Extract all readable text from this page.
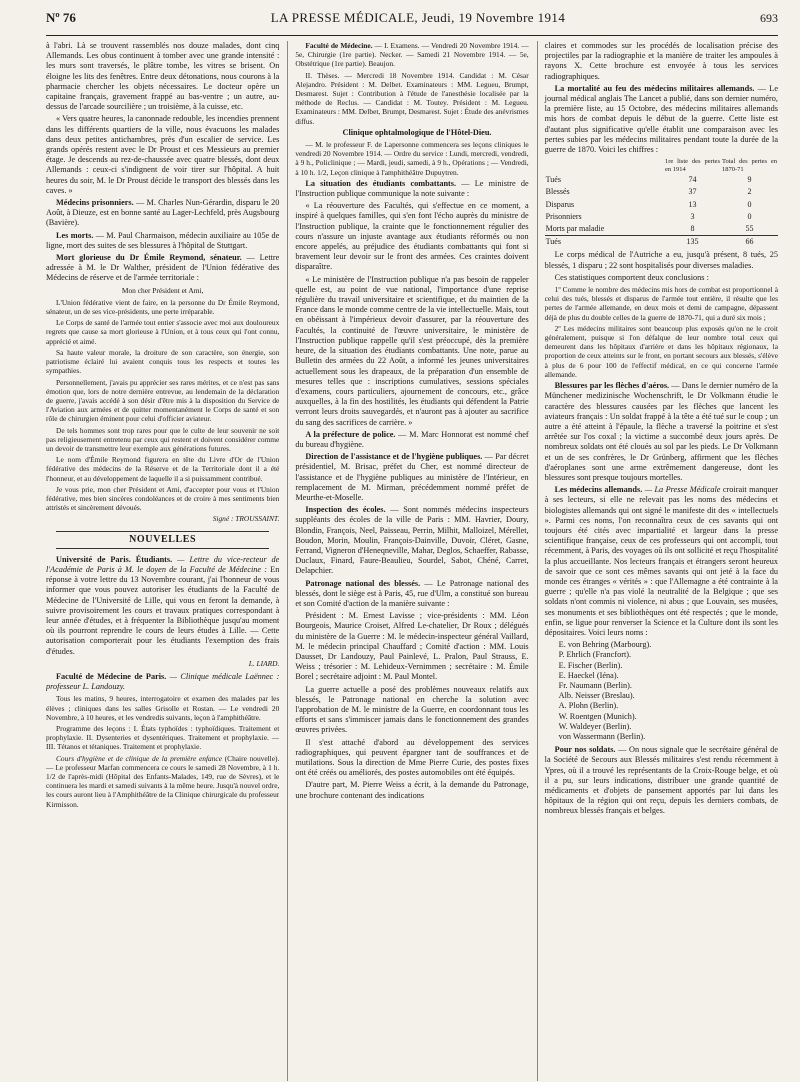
Nº 76	LA PRESSE MÉDICALE, Jeudi, 19 Novembre 1914	693

à l'abri. Là se trouvent rassemblés nos douze malades, dont cinq Allemands. Les obus continuent à tomber avec une grande intensité : les murs sont traversés, le plâtre tombe, les vitres se brisent. On éloigne les lits des fenêtres. Entre deux détonations, nous courons à la pharmacie chercher les objets nécessaires. Le docteur opère un capitaine français, gravement frappé au bas-ventre ; un autre, au-dessus de l'arcade sourcilière ; un troisième, à la cuisse, etc.

« Vers quatre heures, la canonnade redouble, les incendies prennent dans les différents quartiers de la ville, nous évacuons les malades dans deux petites antichambres, près d'un escalier de service. Les grands opérés restent avec le Dr Proust et ces Messieurs au premier étage. Je descends au rez-de-chaussée avec quatre blessés, dont deux Allemands : ceux-ci s'indignent de voir tirer sur l'hôpital. A huit heures du soir, M. le Dr Proust décide le transport des blessés dans les caves. »

Médecins prisonniers. — M. Charles Nun-Gérardin, disparu le 20 Août, à Dieuze, est en bonne santé au Lager-Lechfeld, près Augsbourg (Bavière).

Les morts. — M. Paul Charmaison, médecin auxiliaire au 105e de ligne, mort des suites de ses blessures à l'hôpital de Stuttgart.

Mort glorieuse du Dr Émile Reymond, sénateur. — Lettre adressée à M. le Dr Walther, président de l'Union fédérative des Médecins de réserve et de l'armée territoriale :

Mon cher Président et Ami,

L'Union fédérative vient de faire, en la personne du Dr Émile Reymond, sénateur, un de ses vice-présidents, une perte irréparable.

Le Corps de santé de l'armée tout entier s'associe avec moi aux douloureux regrets que cause sa mort glorieuse à l'Union, et à tous ceux qui l'ont connu, apprécié et aimé.

Sa haute valeur morale, la droiture de son caractère, son énergie, son patriotisme éclairé lui avaient conquis tous les respects et toutes les sympathies.

Personnellement, j'avais pu apprécier ses rares mérites, et ce n'est pas sans émotion que, lors de notre dernière entrevue, au lendemain de la déclaration de guerre, j'avais accédé à son désir d'être mis à la disposition du Service de l'Aviation aux armées et de quitter momentanément le Corps de santé et son rôle de chirurgien éminent pour celui d'officier aviateur.

De tels hommes sont trop rares pour que le culte de leur souvenir ne soit pas religieusement entretenu par ceux qui restent et doivent considérer comme un devoir de transmettre leur exemple aux générations futures.

Le nom d'Émile Reymond figurera en tête du Livre d'Or de l'Union fédérative des médecins de la Réserve et de la Territoriale dont il a été l'honneur, et au développement de laquelle il a si puissamment contribué.

Je vous prie, mon cher Président et Ami, d'accepter pour vous et l'Union fédérative, mes bien sincères condoléances et de croire à mes sentiments bien attristés et sincèrement dévoués.

Signé : TROUSSAINT.
NOUVELLES

Université de Paris. Étudiants. — Lettre du vice-recteur de l'Académie de Paris à M. le doyen de la Faculté de Médecine : En réponse à votre lettre du 13 Novembre courant, j'ai l'honneur de vous informer que vous pouvez autoriser les étudiants de la Faculté de Médecine de l'Université de Lille, qui vous en feront la demande, à suivre provisoirement les cours et travaux pratiques correspondant à leur année d'études, et à fréquenter la Bibliothèque jusqu'au moment où ils pourront reprendre le cours de leurs études à Lille. — Cette autorisation comporterait pour les étudiants l'exemption des frais d'études.

L. LIARD.

Faculté de Médecine de Paris. — Clinique médicale Laënnec : professeur L. Landouzy.

Tous les matins, 9 heures, interrogatoire et examen des malades par les élèves ; cliniques dans les salles Grisolle et Rostan. — Le vendredi 20 Novembre, à 10 heures, et les vendredis suivants, leçon à l'amphithéâtre.

Programme des leçons : I. États typhoïdes : typhoïdiques. Traitement et prophylaxie. II. Dysenteries et dysentériques. Traitement et prophylaxie. — III. Tétanos et tétaniques. Traitement et prophylaxie.

Cours d'hygiène et de clinique de la première enfance (Chaire nouvelle). — Le professeur Marfan commencera ce cours le samedi 28 Novembre, à 1 h. 1/2 de l'après-midi (Hôpital des Enfants-Malades, 149, rue de Sèvres), et le continuera les mardi et samedi suivants à la même heure. Jusqu'à nouvel ordre, les cours auront lieu à l'Amphithéâtre de la Clinique chirurgicale du professeur Kirmisson.

Faculté de Médecine. — I. Examens. — Vendredi 20 Novembre 1914. — 5e, Chirurgie (1re partie). Necker. — Samedi 21 Novembre 1914. — 5e, Obstétrique (1re partie). Beaujon.

II. Thèses. — Mercredi 18 Novembre 1914. Candidat : M. César Alejandro. Président : M. Delbet. Examinateurs : MM. Legueu, Brumpt, Desmarest. Sujet : Contribution à l'étude de l'anesthésie localisée par la méthode de Reclus. — Candidat : M. Toutey. Président : M. Legueu. Examinateurs : MM. Delbet, Brumpt, Desmarest. Sujet : Étude des anévrismes diffus.

Clinique ophtalmologique de l'Hôtel-Dieu.

— M. le professeur F. de Lapersonne commencera ses leçons cliniques le vendredi 20 Novembre 1914. — Ordre du service : Lundi, mercredi, vendredi, à 9 h., Policlinique ; — Mardi, jeudi, samedi, à 9 h., Opérations ; — Vendredi, à 10 h. 1/2, Leçon clinique à l'amphithéâtre Dupuytren.

La situation des étudiants combattants. — Le ministre de l'Instruction publique communique la note suivante :

« La réouverture des Facultés, qui s'effectue en ce moment, a inspiré à quelques familles, qui s'en font l'écho auprès du ministre de l'Instruction publique, la crainte que le fonctionnement régulier des cours n'assure un injuste avantage aux étudiants réformés ou non encore appelés, au préjudice des étudiants combattants qui font si bravement leur devoir sur le front des armées. Ces craintes doivent disparaître.

« Le ministère de l'Instruction publique n'a pas besoin de rappeler quelle est, au point de vue national, l'importance d'une reprise régulière du travail universitaire et scientifique, et du maintien de la France dans le monde comme centre de la vie intellectuelle. Mais, tout en obéissant à l'impérieux devoir d'assurer, par la réouverture des Facultés, la continuité de l'œuvre universitaire, le ministère de l'Instruction publique rappelle qu'il s'est préoccupé, dès la première heure, de la situation des étudiants combattants. Une note, parue au Bulletin des armées du 22 Août, a informé les jeunes universitaires actuellement sous les drapeaux, de la préparation d'un ensemble de mesures telles que : inscriptions cumulatives, sessions spéciales d'examens, cours particuliers, ajournement de concours, etc., grâce auxquelles, à la fin des hostilités, les étudiants qui défendent la Patrie verront leurs droits sauvegardés, et n'auront pas à ajouter au sacrifice du sang des sacrifices de carrière. »

A la préfecture de police. — M. Marc Honnorat est nommé chef du bureau d'hygiène.

Direction de l'assistance et de l'hygiène publiques. — Par décret présidentiel, M. Brisac, préfet du Cher, est nommé directeur de l'assistance et de l'hygiène publiques au ministère de l'Intérieur, en remplacement de M. Mirman, précédemment nommé préfet de Meurthe-et-Moselle.

Inspection des écoles. — Sont nommés médecins inspecteurs suppléants des écoles de la ville de Paris : MM. Havrier, Doury, Blondin, François, Neel, Paisseau, Perrin, Milhit, Malloizel, Mérellet, Boudon, Morin, Moulin, François-Dainville, Duvoir, Cléret, Gasne, Ferrand, Vigneron d'Heneqneville, Mahar, Deglos, Schaeffer, Rabasse, Duclaux, Finard, Faure-Beaulieu, Sourdel, Sabot, Chéné, Carret, Delapchier.

Patronage national des blessés. — Le Patronage national des blessés, dont le siège est à Paris, 45, rue d'Ulm, a constitué son bureau et son Comité d'action de la manière suivante :

Président : M. Ernest Lavisse ; vice-présidents : MM. Léon Bourgeois, Maurice Croiset, Alfred Le-chatelier, Dr Roux ; délégués du ministère de la Guerre : M. le médecin-inspecteur général Vaillard, M. le médecin principal Chauffard ; Comité d'action : MM. Louis Dausset, Dr Landouzy, Paul Painlevé, L. Pralon, Paul Strauss, E. Weiss ; trésorier : M. Lehideux-Vernimmen ; secrétaire : M. Émile Borel ; secrétaire adjoint : M. Paul Montel.

La guerre actuelle a posé des problèmes nouveaux relatifs aux blessés, le Patronage national en cherche la solution avec l'approbation de M. le ministre de la Guerre, en coordonnant tous les efforts et sans s'immiscer jamais dans le fonctionnement des grandes œuvres privées.

Il s'est attaché d'abord au développement des services radiographiques, qui peuvent épargner tant de souffrances et de mutilations. Sous la direction de Mme Pierre Curie, des postes fixes ont été créés ou améliorés, des postes automobiles ont été équipés.

D'autre part, M. Pierre Weiss a écrit, à la demande du Patronage, une brochure contenant des indications

claires et commodes sur les procédés de localisation précise des projectiles par la radiographie et la manière de traiter les ampoules à rayons X. Cette brochure est envoyée à tous les services radiographiques.

La mortalité au feu des médecins militaires allemands. — Le journal médical anglais The Lancet a publié, dans son dernier numéro, la première liste, au 15 Octobre, des médecins militaires allemands mis hors de combat depuis le début de la guerre. Cette liste est d'autant plus significative qu'elle établit une comparaison avec les pertes subies par les médecins militaires pendant toute la durée de la guerre de 1870. Voici les chiffres :

	1re liste des pertes en 1914	Total des pertes en 1870-71
Tués	74	9
Blessés	37	2
Disparus	13	0
Prisonniers	3	0
Morts par maladie	8	55
Tués	135	66

Le corps médical de l'Autriche a eu, jusqu'à présent, 8 tués, 25 blessés, 1 disparu ; 22 sont hospitalisés pour diverses maladies.

Ces statistiques comportent deux conclusions :

1º Comme le nombre des médecins mis hors de combat est proportionnel à celui des tués, blessés et disparus de l'armée tout entière, il résulte que les pertes de l'armée allemande, en deux mois et demi de campagne, dépassent déjà de plus du double celles de la guerre de 1870-71, qui a duré six mois ;

2º Les médecins militaires sont beaucoup plus exposés qu'on ne le croit généralement, puisque si l'on défalque de leur nombre total ceux qui demeurent dans les hôpitaux d'arrière et dans les hôpitaux régionaux, la proportion de ceux atteints sur le front, en portant secours aux blessés, s'élève à plus de 6 pour 100 de l'effectif médical, en ce qui concerne l'armée allemande.

Blessures par les flèches d'aéros. — Dans le dernier numéro de la Münchener medizinische Wochenschrift, le Dr Volkmann étudie le caractère des blessures causées par les flèches que lancent les aviateurs français : Un soldat frappé à la tête a été tué sur le coup ; un autre a été atteint à l'épaule, la flèche a traversé la poitrine et s'est arrêtée sur l'os coxal ; la victime a succombé deux jours après. De nombreux soldats ont été cloués au sol par les pieds. Le Dr Volkmann et un de ses confrères, le Dr Grünberg, affirment que les flèches d'aéroplanes sont une arme extrêmement dangereuse, dont les blessures sont presque toujours mortelles.

Les médecins allemands. — La Presse Médicale croirait manquer à ses lecteurs, si elle ne relevait pas les noms des médecins et biologistes allemands qui ont signé le manifeste dit des « intellectuels ». Parmi ces noms, l'on reconnaîtra ceux de ces savants qui ont toujours été cités avec impartialité et largeur dans la presse scientifique française, ceux de ces professeurs qui ont accompli, tout récemment, à Paris, des voyages où ils ont sollicité et reçu l'hospitalité la plus accueillante. Nos lecteurs français et étrangers seront heureux de savoir que ce sont ces mêmes savants qui ont jeté à la face du monde ces étranges « vérités » : que l'Allemagne a été contrainte à la guerre ; qu'elle n'a pas violé la neutralité de la Belgique ; que ses soldats n'ont commis ni violence, ni abus ; que Louvain, ses musées, ses monuments et ses bibliothèques ont été respectés ; que le monde, enfin, se ligue pour renverser la Science et la Culture dont ils sont les dépositaires. Voici leurs noms :

E. von Behring (Marbourg).
P. Ehrlich (Francfort).
E. Fischer (Berlin).
E. Haeckel (Iéna).
Fr. Naumann (Berlin).
Alb. Neisser (Breslau).
A. Plohn (Berlin).
W. Roentgen (Munich).
W. Waldeyer (Berlin).
von Wassermann (Berlin).

Pour nos soldats. — On nous signale que le secrétaire général de la Société de Secours aux Blessés militaires s'est rendu récemment à Ypres, où il a trouvé les représentants de la Croix-Rouge belge, et où il a pu, sur leurs indications, distribuer une grande quantité de médicaments et d'objets de pansement apportés par lui dans les hôpitaux de la région qui ont reçu, depuis les derniers combats, de nombreux blessés français et belges.
